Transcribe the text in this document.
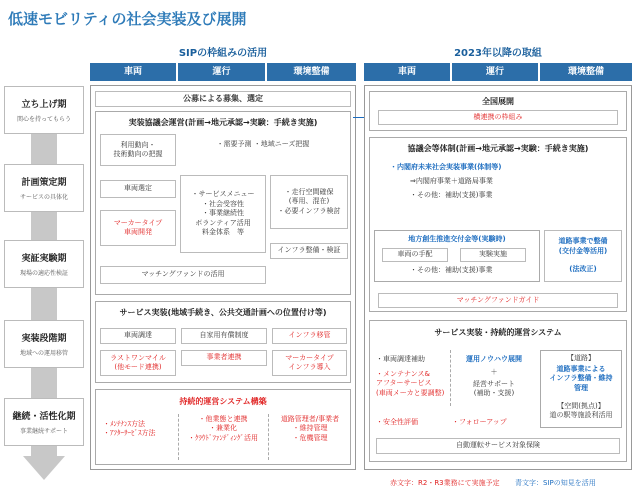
低速モビリティの社会実装及び展開
SIPの枠組みの活用	2023年以降の取組
車両	運行	環境整備	車両	運行	環境整備
立ち上げ期
関心を持ってもらう
計画策定期
サービスの具体化
実証実験期
現場の適応性検証
実装段階期
地域への運用移管
継続・活性化期
事業継続サポート
公募による募集、選定
実装協議会運営(計画→地元承認→実験：手続き実施)
利用動向・
技術動向の把握
・需要予測 ・地域ニーズ把握
車両選定
・サービスメニュー
・社会受容性
・事業継続性
ボランティア活用
料金体系　等
・走行空間確保
(専用、混在)
・必要インフラ検討
マーカータイプ
車両開発
インフラ整備・検証
マッチングファンドの活用
サービス実装(地域手続き、公共交通計画への位置付け等)
車両調達	自家用有償制度	インフラ移管
ラストワンマイル
(他モード連携)
事業者連携	マーカータイプ
インフラ導入
持続的運営システム構築
・ﾒﾝﾃﾅﾝｽ方法
・ｱﾌﾀｰｻｰﾋﾞｽ方法
・他業態と連携
・兼業化
・ｸﾗｳﾄﾞﾌｧﾝﾃﾞｨﾝｸﾞ活用
道路管理者/事業者
・維持管理
・危機管理
全国展開
横連携の枠組み
協議会等体制(計画→地元承認→実験：手続き実施)
・内閣府未来社会実装事業(体制等)
⇒内閣府事業＋道路局事業
・その他：補助(支援)事業
地方創生推進交付金等(実験時)
車両の手配	実験実施
・その他：補助(支援)事業
道路事業で整備
(交付金等活用)

(法改正)
マッチングファンドガイド
サービス実装・持続的運営システム
・車両調達補助
・メンテナンス&
アフターサービス
(車両メーカと要調整)
運用ノウハウ展開
＋
経営サポート
(補助・支援)
【道路】
道路事業による
インフラ整備・維持
管理
【空間(拠点)】
道の駅等施設利活用
・安全性評価	・フォローアップ
自動運転サービス対象保険
赤文字：R2・R3業務にて実施予定 青文字：SIPの知見を活用
